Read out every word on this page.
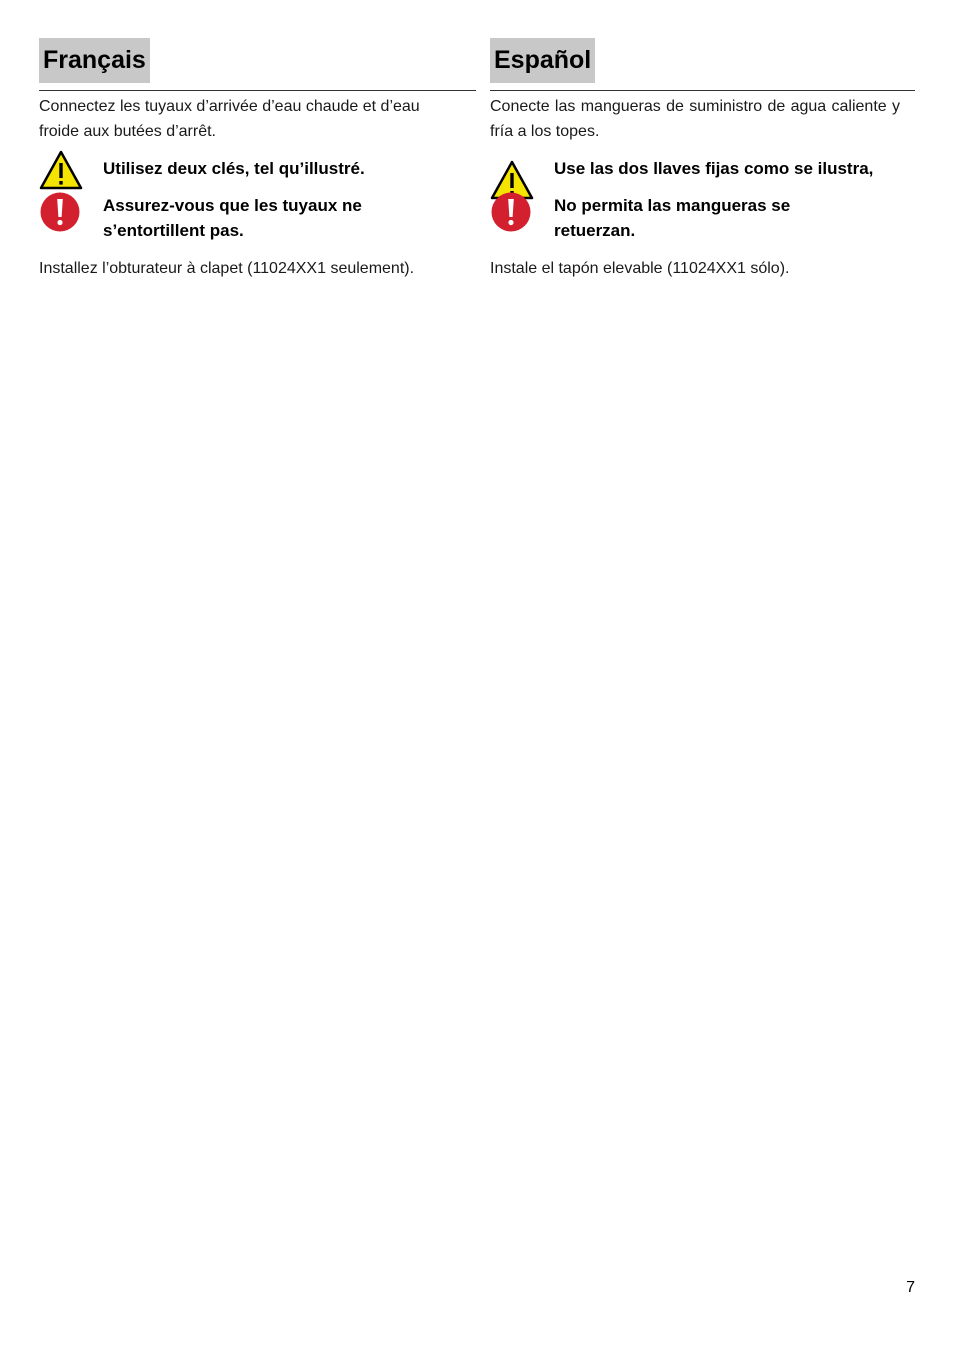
Français

Connectez les tuyaux d’arrivée d’eau chaude et d’eau froide aux butées d’arrêt.

Utilisez deux clés, tel qu’illustré.
Assurez-vous que les tuyaux ne s’entortillent pas.

Installez l’obturateur à clapet (11024XX1 seulement).

Español

Conecte las mangueras de suministro de agua caliente y fría a los topes.

Use las dos llaves fijas como se ilustra,
No permita las mangueras se retuerzan.

Instale el tapón elevable (11024XX1 sólo).

7
